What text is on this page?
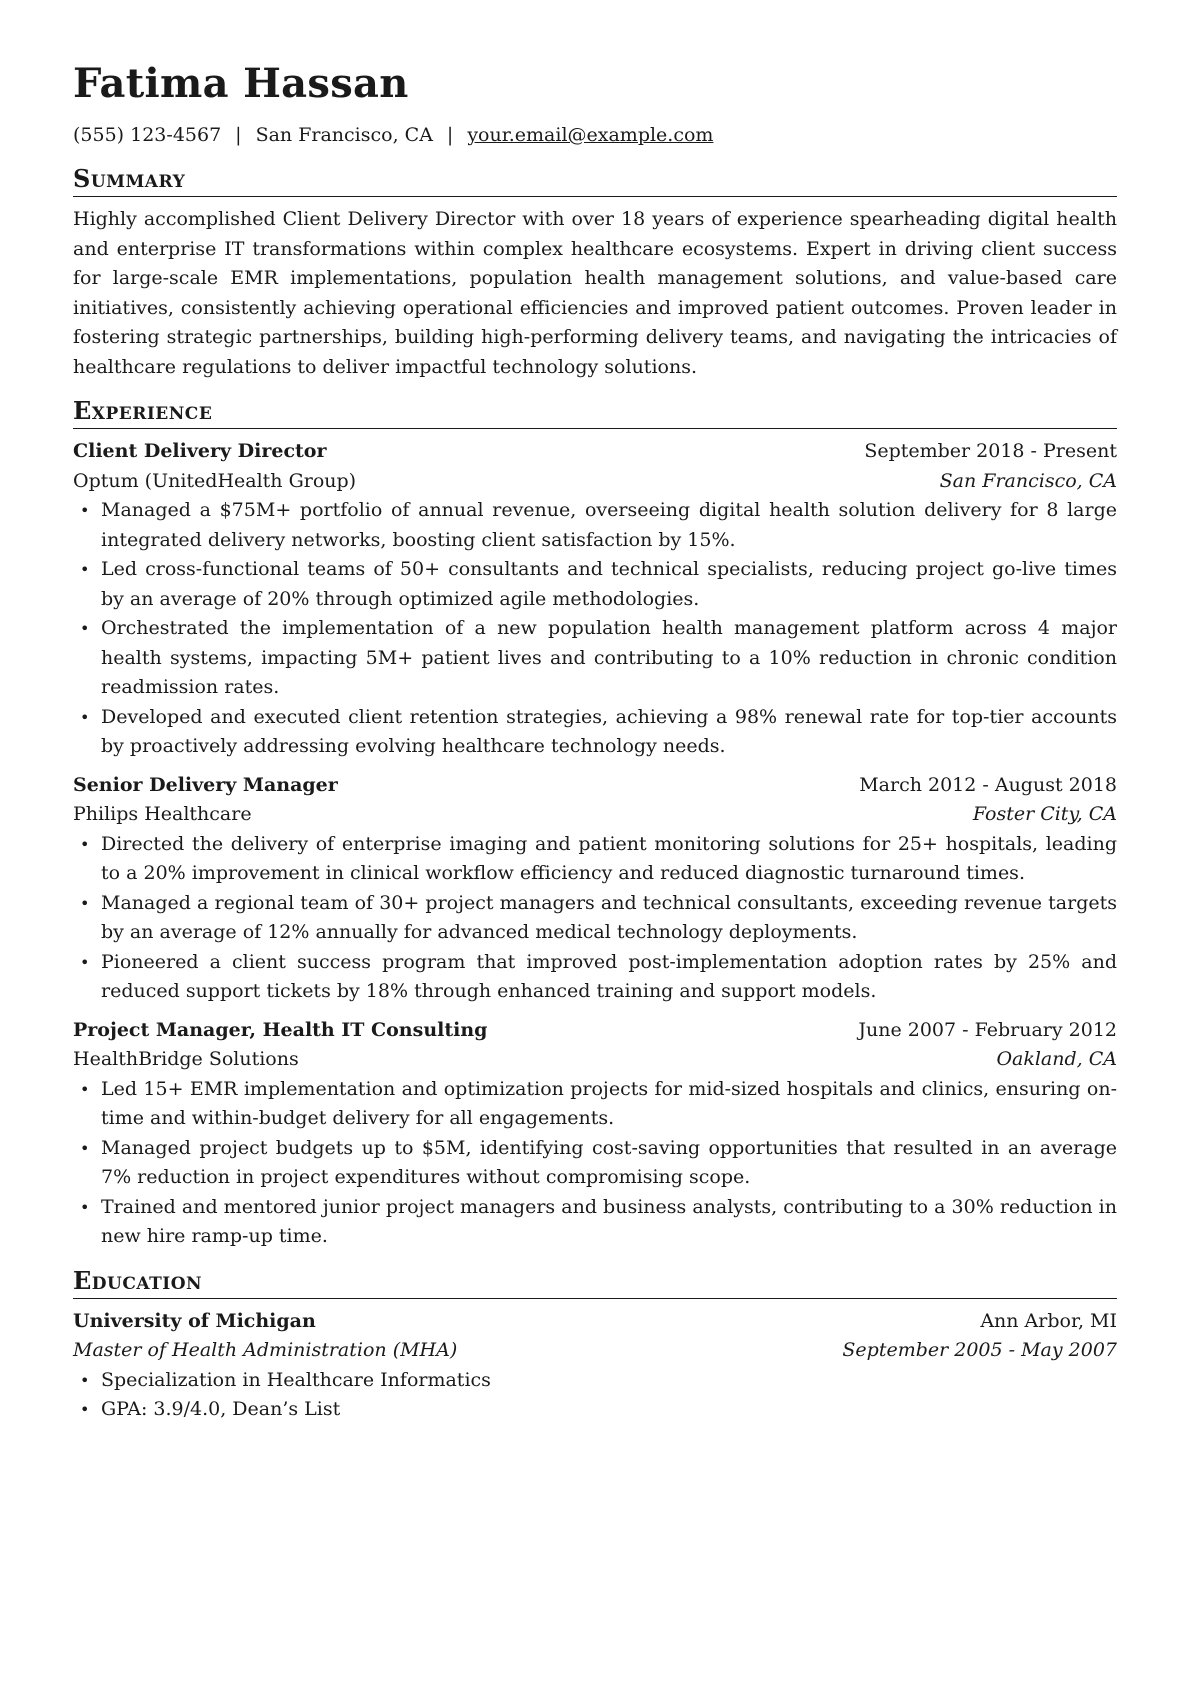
Fatima Hassan
(555) 123-4567 | San Francisco, CA | your.email@example.com
Summary

Highly accomplished Client Delivery Director with over 18 years of experience spearheading digital health and enterprise IT transformations within complex healthcare ecosystems. Expert in driving client success for large-scale EMR implementations, population health management solutions, and value-based care initiatives, consistently achieving operational efficiencies and improved patient outcomes. Proven leader in fostering strategic partnerships, building high-performing delivery teams, and navigating the intricacies of healthcare regulations to deliver impactful technology solutions.

Experience
Client Delivery Director	September 2018 - Present
Optum (UnitedHealth Group)	San Francisco, CA
• Managed a $75M+ portfolio of annual revenue, overseeing digital health solution delivery for 8 large integrated delivery networks, boosting client satisfaction by 15%.
• Led cross-functional teams of 50+ consultants and technical specialists, reducing project go-live times by an average of 20% through optimized agile methodologies.
• Orchestrated the implementation of a new population health management platform across 4 major health systems, impacting 5M+ patient lives and contributing to a 10% reduction in chronic condition readmission rates.
• Developed and executed client retention strategies, achieving a 98% renewal rate for top-tier accounts by proactively addressing evolving healthcare technology needs.
Senior Delivery Manager	March 2012 - August 2018
Philips Healthcare	Foster City, CA
• Directed the delivery of enterprise imaging and patient monitoring solutions for 25+ hospitals, leading to a 20% improvement in clinical workflow efficiency and reduced diagnostic turnaround times.
• Managed a regional team of 30+ project managers and technical consultants, exceeding revenue targets by an average of 12% annually for advanced medical technology deployments.
• Pioneered a client success program that improved post-implementation adoption rates by 25% and reduced support tickets by 18% through enhanced training and support models.
Project Manager, Health IT Consulting	June 2007 - February 2012
HealthBridge Solutions	Oakland, CA
• Led 15+ EMR implementation and optimization projects for mid-sized hospitals and clinics, ensuring on-time and within-budget delivery for all engagements.
• Managed project budgets up to $5M, identifying cost-saving opportunities that resulted in an average 7% reduction in project expenditures without compromising scope.
• Trained and mentored junior project managers and business analysts, contributing to a 30% reduction in new hire ramp-up time.
Education
University of Michigan	Ann Arbor, MI
Master of Health Administration (MHA)	September 2005 - May 2007
• Specialization in Healthcare Informatics
• GPA: 3.9/4.0, Dean’s List
